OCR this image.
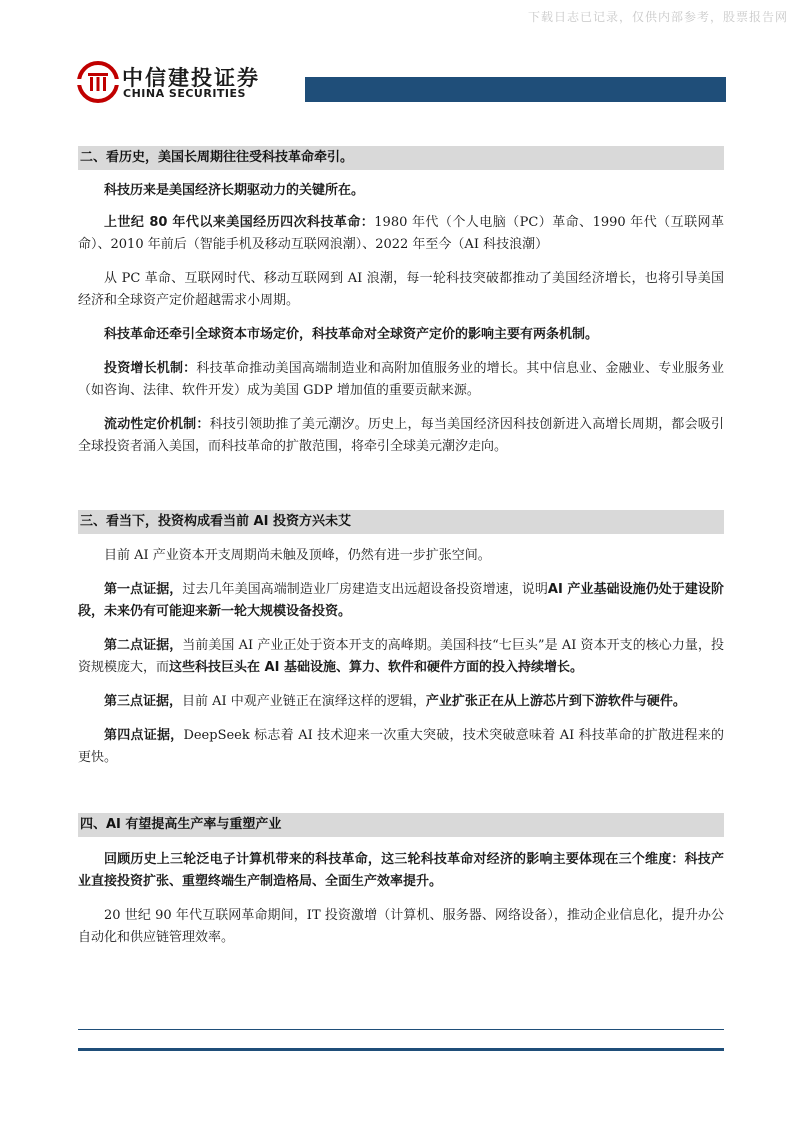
下载日志已记录，仅供内部参考，股票报告网
中信建投证券
CHINA SECURITIES
二、看历史，美国长周期往往受科技革命牵引。

科技历来是美国经济长期驱动力的关键所在。

上世纪 80 年代以来美国经历四次科技革命：1980 年代（个人电脑（PC）革命、1990 年代（互联网革命）、2010 年前后（智能手机及移动互联网浪潮）、2022 年至今（AI 科技浪潮）

从 PC 革命、互联网时代、移动互联网到 AI 浪潮，每一轮科技突破都推动了美国经济增长，也将引导美国经济和全球资产定价超越需求小周期。

科技革命还牵引全球资本市场定价，科技革命对全球资产定价的影响主要有两条机制。

投资增长机制：科技革命推动美国高端制造业和高附加值服务业的增长。其中信息业、金融业、专业服务业（如咨询、法律、软件开发）成为美国 GDP 增加值的重要贡献来源。

流动性定价机制：科技引领助推了美元潮汐。历史上，每当美国经济因科技创新进入高增长周期，都会吸引全球投资者涌入美国，而科技革命的扩散范围，将牵引全球美元潮汐走向。

三、看当下，投资构成看当前 AI 投资方兴未艾

目前 AI 产业资本开支周期尚未触及顶峰，仍然有进一步扩张空间。

第一点证据，过去几年美国高端制造业厂房建造支出远超设备投资增速，说明AI 产业基础设施仍处于建设阶段，未来仍有可能迎来新一轮大规模设备投资。

第二点证据，当前美国 AI 产业正处于资本开支的高峰期。美国科技“七巨头”是 AI 资本开支的核心力量，投资规模庞大，而这些科技巨头在 AI 基础设施、算力、软件和硬件方面的投入持续增长。

第三点证据，目前 AI 中观产业链正在演绎这样的逻辑，产业扩张正在从上游芯片到下游软件与硬件。

第四点证据，DeepSeek 标志着 AI 技术迎来一次重大突破，技术突破意味着 AI 科技革命的扩散进程来的更快。

四、AI 有望提高生产率与重塑产业

回顾历史上三轮泛电子计算机带来的科技革命，这三轮科技革命对经济的影响主要体现在三个维度：科技产业直接投资扩张、重塑终端生产制造格局、全面生产效率提升。

20 世纪 90 年代互联网革命期间，IT 投资激增（计算机、服务器、网络设备），推动企业信息化，提升办公自动化和供应链管理效率。
